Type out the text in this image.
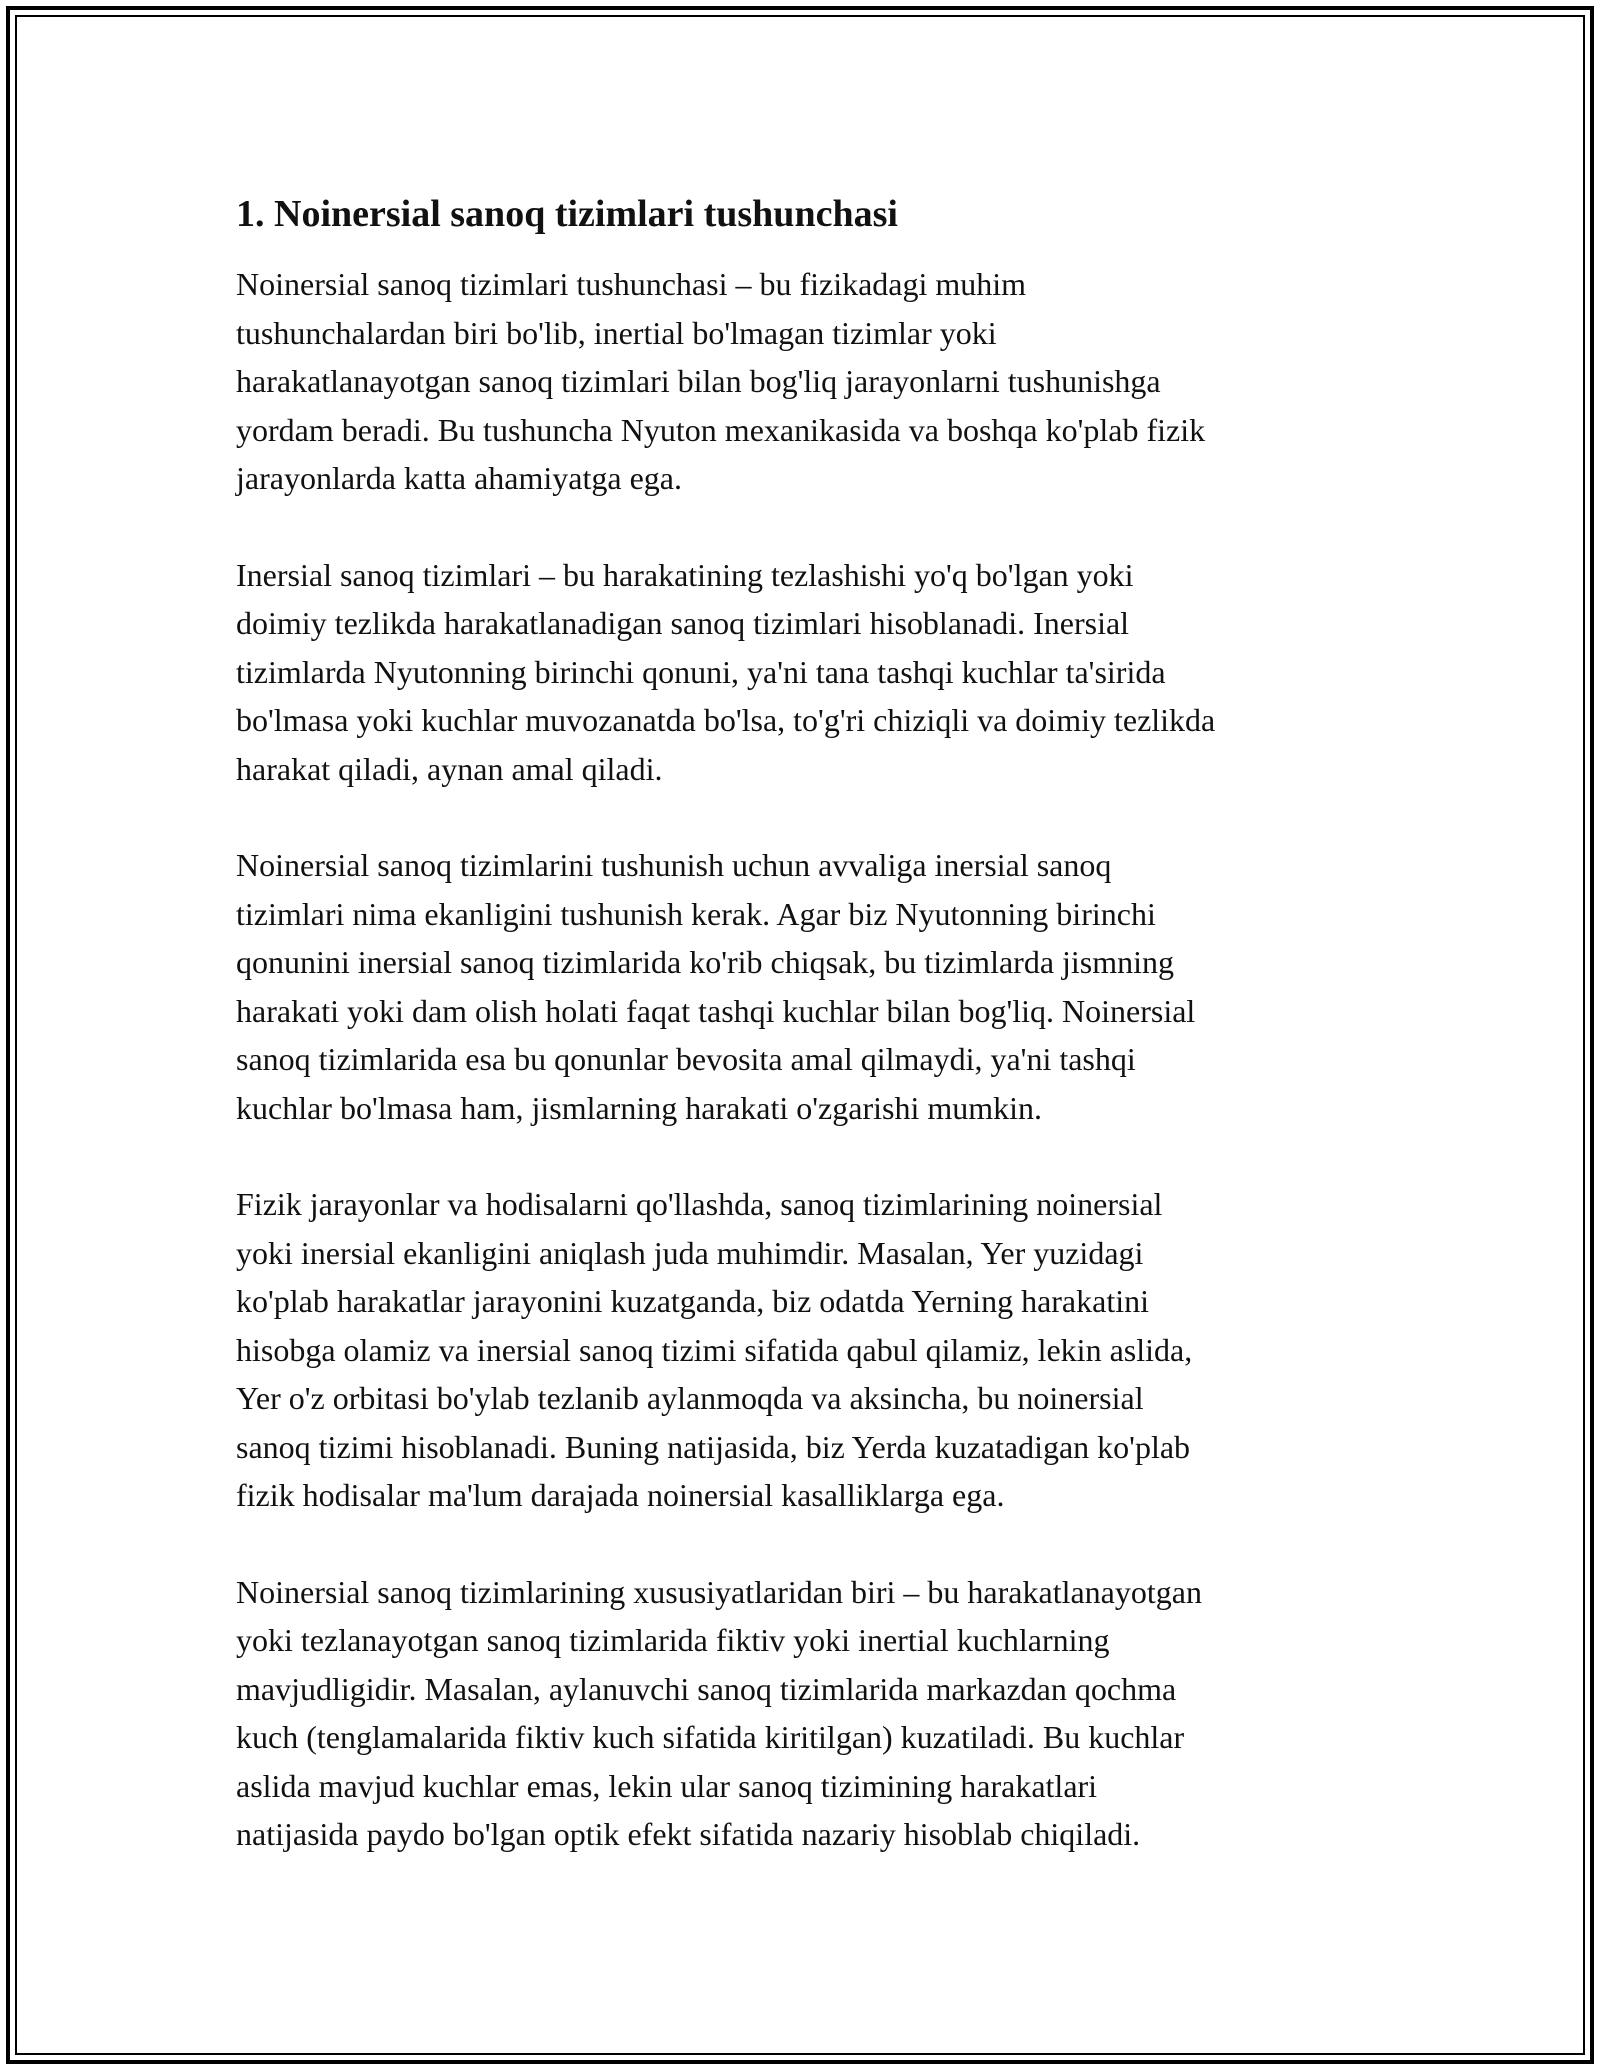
1. Noinersial sanoq tizimlari tushunchasi

Noinersial sanoq tizimlari tushunchasi – bu fizikadagi muhim
tushunchalardan biri bo'lib, inertial bo'lmagan tizimlar yoki
harakatlanayotgan sanoq tizimlari bilan bog'liq jarayonlarni tushunishga
yordam beradi. Bu tushuncha Nyuton mexanikasida va boshqa ko'plab fizik
jarayonlarda katta ahamiyatga ega.

Inersial sanoq tizimlari – bu harakatining tezlashishi yo'q bo'lgan yoki
doimiy tezlikda harakatlanadigan sanoq tizimlari hisoblanadi. Inersial
tizimlarda Nyutonning birinchi qonuni, ya'ni tana tashqi kuchlar ta'sirida
bo'lmasa yoki kuchlar muvozanatda bo'lsa, to'g'ri chiziqli va doimiy tezlikda
harakat qiladi, aynan amal qiladi.

Noinersial sanoq tizimlarini tushunish uchun avvaliga inersial sanoq
tizimlari nima ekanligini tushunish kerak. Agar biz Nyutonning birinchi
qonunini inersial sanoq tizimlarida ko'rib chiqsak, bu tizimlarda jismning
harakati yoki dam olish holati faqat tashqi kuchlar bilan bog'liq. Noinersial
sanoq tizimlarida esa bu qonunlar bevosita amal qilmaydi, ya'ni tashqi
kuchlar bo'lmasa ham, jismlarning harakati o'zgarishi mumkin.

Fizik jarayonlar va hodisalarni qo'llashda, sanoq tizimlarining noinersial
yoki inersial ekanligini aniqlash juda muhimdir. Masalan, Yer yuzidagi
ko'plab harakatlar jarayonini kuzatganda, biz odatda Yerning harakatini
hisobga olamiz va inersial sanoq tizimi sifatida qabul qilamiz, lekin aslida,
Yer o'z orbitasi bo'ylab tezlanib aylanmoqda va aksincha, bu noinersial
sanoq tizimi hisoblanadi. Buning natijasida, biz Yerda kuzatadigan ko'plab
fizik hodisalar ma'lum darajada noinersial kasalliklarga ega.

Noinersial sanoq tizimlarining xususiyatlaridan biri – bu harakatlanayotgan
yoki tezlanayotgan sanoq tizimlarida fiktiv yoki inertial kuchlarning
mavjudligidir. Masalan, aylanuvchi sanoq tizimlarida markazdan qochma
kuch (tenglamalarida fiktiv kuch sifatida kiritilgan) kuzatiladi. Bu kuchlar
aslida mavjud kuchlar emas, lekin ular sanoq tizimining harakatlari
natijasida paydo bo'lgan optik efekt sifatida nazariy hisoblab chiqiladi.
